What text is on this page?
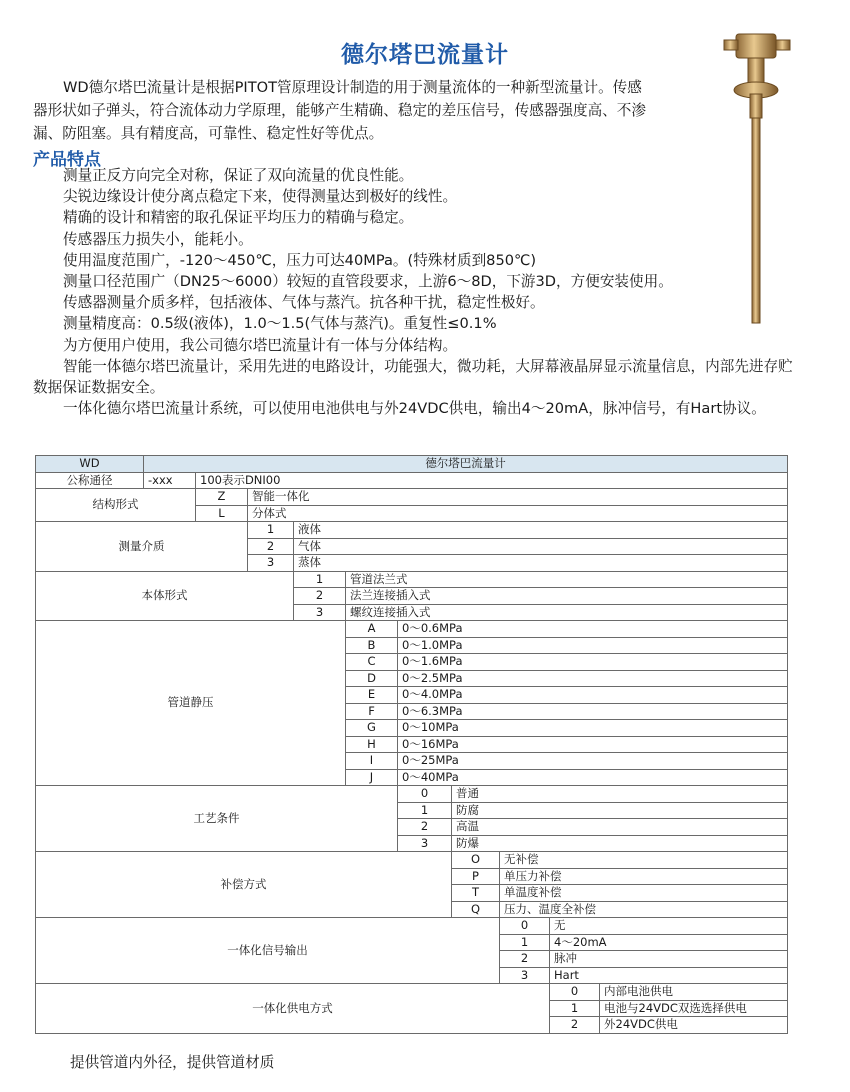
德尔塔巴流量计

WD德尔塔巴流量计是根据PITOT管原理设计制造的用于测量流体的一种新型流量计。传感器形状如子弹头，符合流体动力学原理，能够产生精确、稳定的差压信号，传感器强度高、不渗漏、防阻塞。具有精度高，可靠性、稳定性好等优点。

产品特点

测量正反方向完全对称，保证了双向流量的优良性能。

尖锐边缘设计使分离点稳定下来，使得测量达到极好的线性。

精确的设计和精密的取孔保证平均压力的精确与稳定。

传感器压力损失小，能耗小。

使用温度范围广，-120～450℃，压力可达40MPa。(特殊材质到850℃)

测量口径范围广（DN25～6000）较短的直管段要求，上游6～8D，下游3D，方便安装使用。

传感器测量介质多样，包括液体、气体与蒸汽。抗各种干扰，稳定性极好。

测量精度高：0.5级(液体)，1.0～1.5(气体与蒸汽)。重复性≤0.1%

为方便用户使用，我公司德尔塔巴流量计有一体与分体结构。

智能一体德尔塔巴流量计，采用先进的电路设计，功能强大，微功耗，大屏幕液晶屏显示流量信息，内部先进存贮数据保证数据安全。

一体化德尔塔巴流量计系统，可以使用电池供电与外24VDC供电，输出4～20mA，脉冲信号，有Hart协议。

WD	德尔塔巴流量计									
公称通径	-xxx	100表示DNI00								
结构形式		Z	智能一体化							
		L	分体式							
测量介质			1	液体						
			2	气体						
			3	蒸体						
本体形式				1	管道法兰式					
				2	法兰连接插入式					
				3	螺纹连接插入式					
管道静压					A	0～0.6MPa				
					B	0～1.0MPa				
					C	0～1.6MPa				
					D	0～2.5MPa				
					E	0～4.0MPa				
					F	0～6.3MPa				
					G	0～10MPa				
					H	0～16MPa				
					I	0～25MPa				
					J	0～40MPa				
工艺条件						0	普通			
						1	防腐			
						2	高温			
						3	防爆			
补偿方式							O	无补偿		
							P	单压力补偿		
							T	单温度补偿		
							Q	压力、温度全补偿		
一体化信号输出								0	无	
								1	4～20mA	
								2	脉冲	
								3	Hart	
一体化供电方式									0	内部电池供电
									1	电池与24VDC双选选择供电
									2	外24VDC供电
提供管道内外径，提供管道材质
